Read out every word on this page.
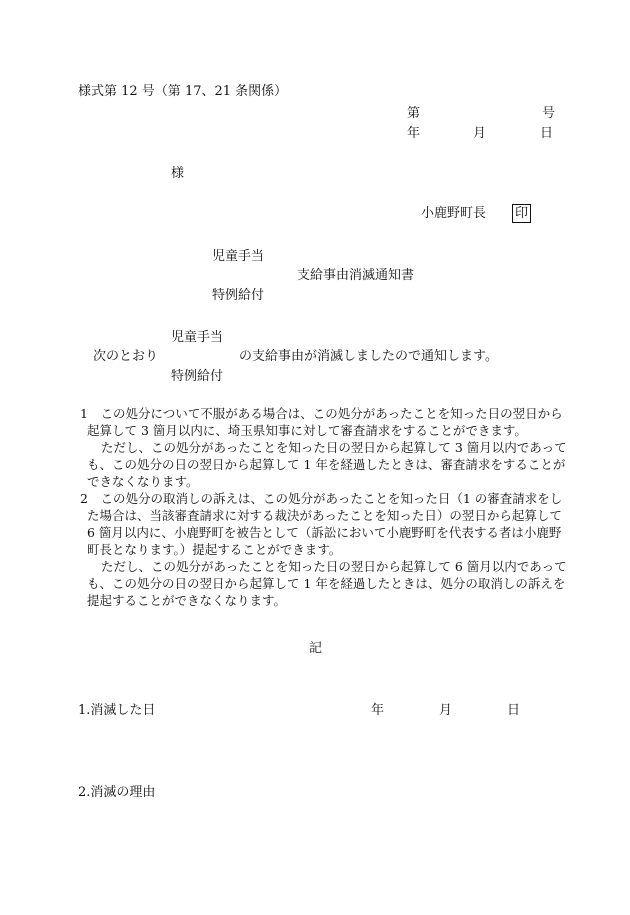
様式第 12 号（第 17、21 条関係）
第	号
年	月	日
様
小鹿野町長 印
児童手当
支給事由消滅通知書
特例給付
児童手当
次のとおり	の支給事由が消滅しましたので通知します。
特例給付
1　この処分について不服がある場合は、この処分があったことを知った日の翌日から
起算して 3 箇月以内に、埼玉県知事に対して審査請求をすることができます。
ただし、この処分があったことを知った日の翌日から起算して 3 箇月以内であって
も、この処分の日の翌日から起算して 1 年を経過したときは、審査請求をすることが
できなくなります。
2　この処分の取消しの訴えは、この処分があったことを知った日（1 の審査請求をし
た場合は、当該審査請求に対する裁決があったことを知った日）の翌日から起算して
6 箇月以内に、小鹿野町を被告として（訴訟において小鹿野町を代表する者は小鹿野
町長となります。）提起することができます。
ただし、この処分があったことを知った日の翌日から起算して 6 箇月以内であって
も、この処分の日の翌日から起算して 1 年を経過したときは、処分の取消しの訴えを
提起することができなくなります。
記
1.消滅した日	年	月	日
2.消滅の理由
